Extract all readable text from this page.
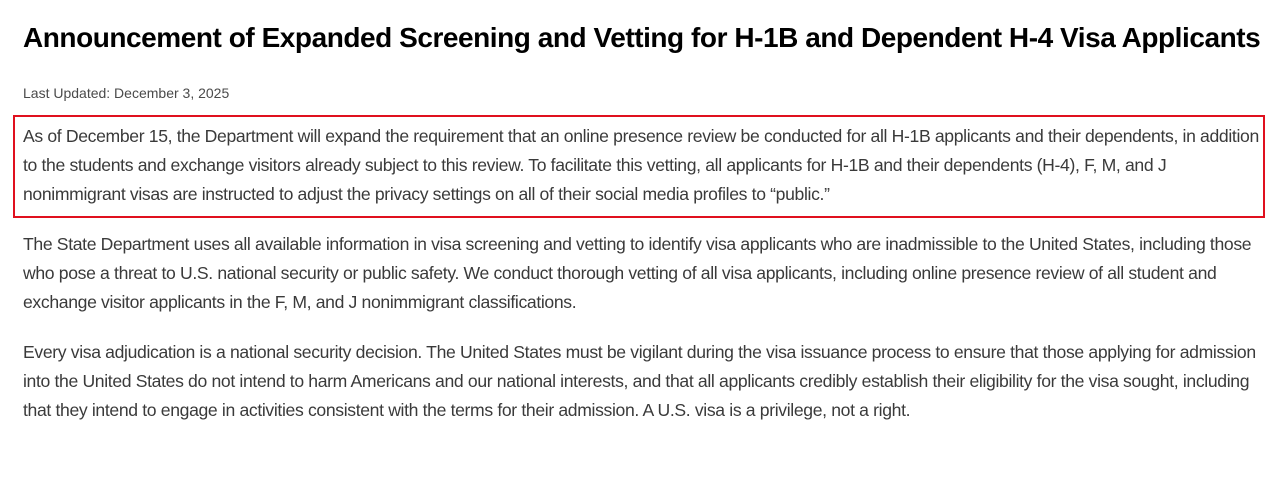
Announcement of Expanded Screening and Vetting for H-1B and Dependent H-4 Visa Applicants

Last Updated: December 3, 2025

As of December 15, the Department will expand the requirement that an online presence review be conducted for all H-1B applicants and their dependents, in addition to the students and exchange visitors already subject to this review. To facilitate this vetting, all applicants for H-1B and their dependents (H-4), F, M, and J nonimmigrant visas are instructed to adjust the privacy settings on all of their social media profiles to “public.”

The State Department uses all available information in visa screening and vetting to identify visa applicants who are inadmissible to the United States, including those who pose a threat to U.S. national security or public safety. We conduct thorough vetting of all visa applicants, including online presence review of all student and exchange visitor applicants in the F, M, and J nonimmigrant classifications.

Every visa adjudication is a national security decision. The United States must be vigilant during the visa issuance process to ensure that those applying for admission into the United States do not intend to harm Americans and our national interests, and that all applicants credibly establish their eligibility for the visa sought, including that they intend to engage in activities consistent with the terms for their admission. A U.S. visa is a privilege, not a right.
